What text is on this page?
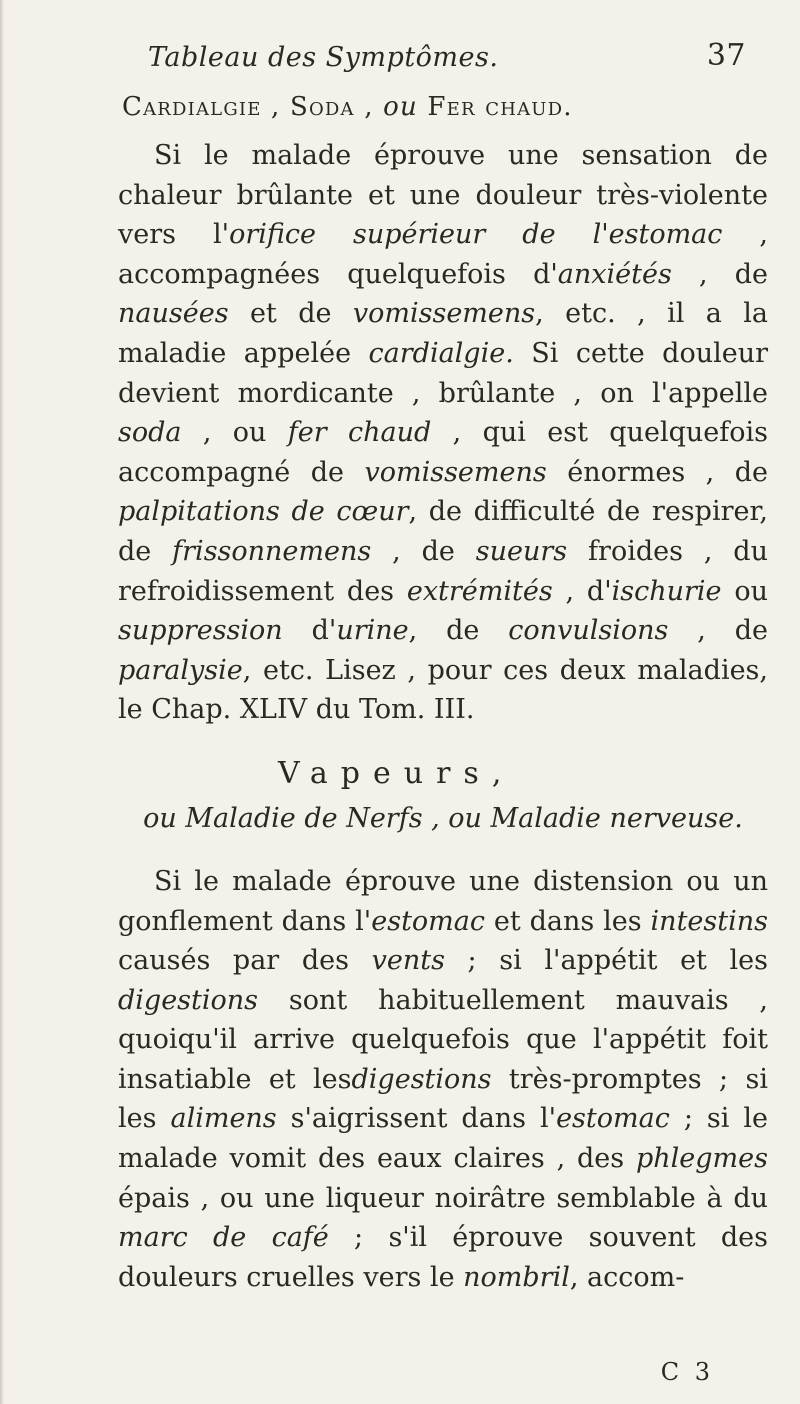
Tableau des Symptômes.	37
Cardialgie , Soda , ou Fer chaud.

Si le malade éprouve une sensation de chaleur brûlante et une douleur très-violente vers l'orifice supérieur de l'estomac , accompagnées quelquefois d'anxiétés , de nausées et de vomissemens, etc. , il a la maladie appelée cardialgie. Si cette douleur devient mordicante , brûlante , on l'appelle soda , ou fer chaud , qui est quelquefois accompagné de vomissemens énormes , de palpitations de cœur, de difficulté de respirer, de frissonnemens , de sueurs froides , du refroidissement des extrémités , d'ischurie ou suppression d'urine, de convulsions , de paralysie, etc. Lisez , pour ces deux maladies, le Chap. XLIV du Tom. III.

Vapeurs,
ou Maladie de Nerfs , ou Maladie nerveuse.

Si le malade éprouve une distension ou un gonflement dans l'estomac et dans les intestins causés par des vents ; si l'appétit et les digestions sont habituellement mauvais , quoiqu'il arrive quelquefois que l'appétit foit insatiable et lesdigestions très-promptes ; si les alimens s'aigrissent dans l'estomac ; si le malade vomit des eaux claires , des phlegmes épais , ou une liqueur noirâtre semblable à du marc de café ; s'il éprouve souvent des douleurs cruelles vers le nombril, accom-

C 3
